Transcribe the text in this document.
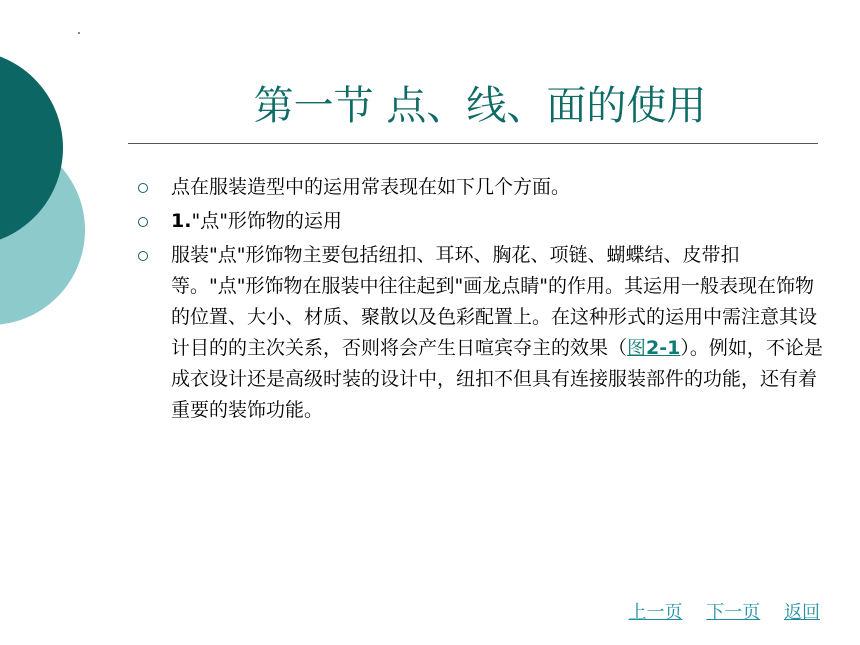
第一节 点、线、面的使用
点在服装造型中的运用常表现在如下几个方面。
1."点"形饰物的运用
服装"点"形饰物主要包括纽扣、耳环、胸花、项链、蝴蝶结、皮带扣等。"点"形饰物在服装中往往起到"画龙点睛"的作用。其运用一般表现在饰物的位置、大小、材质、聚散以及色彩配置上。在这种形式的运用中需注意其设计目的的主次关系，否则将会产生日喧宾夺主的效果（图2-1）。例如，不论是成衣设计还是高级时装的设计中，纽扣不但具有连接服装部件的功能，还有着重要的装饰功能。
上一页 下一页 返回
